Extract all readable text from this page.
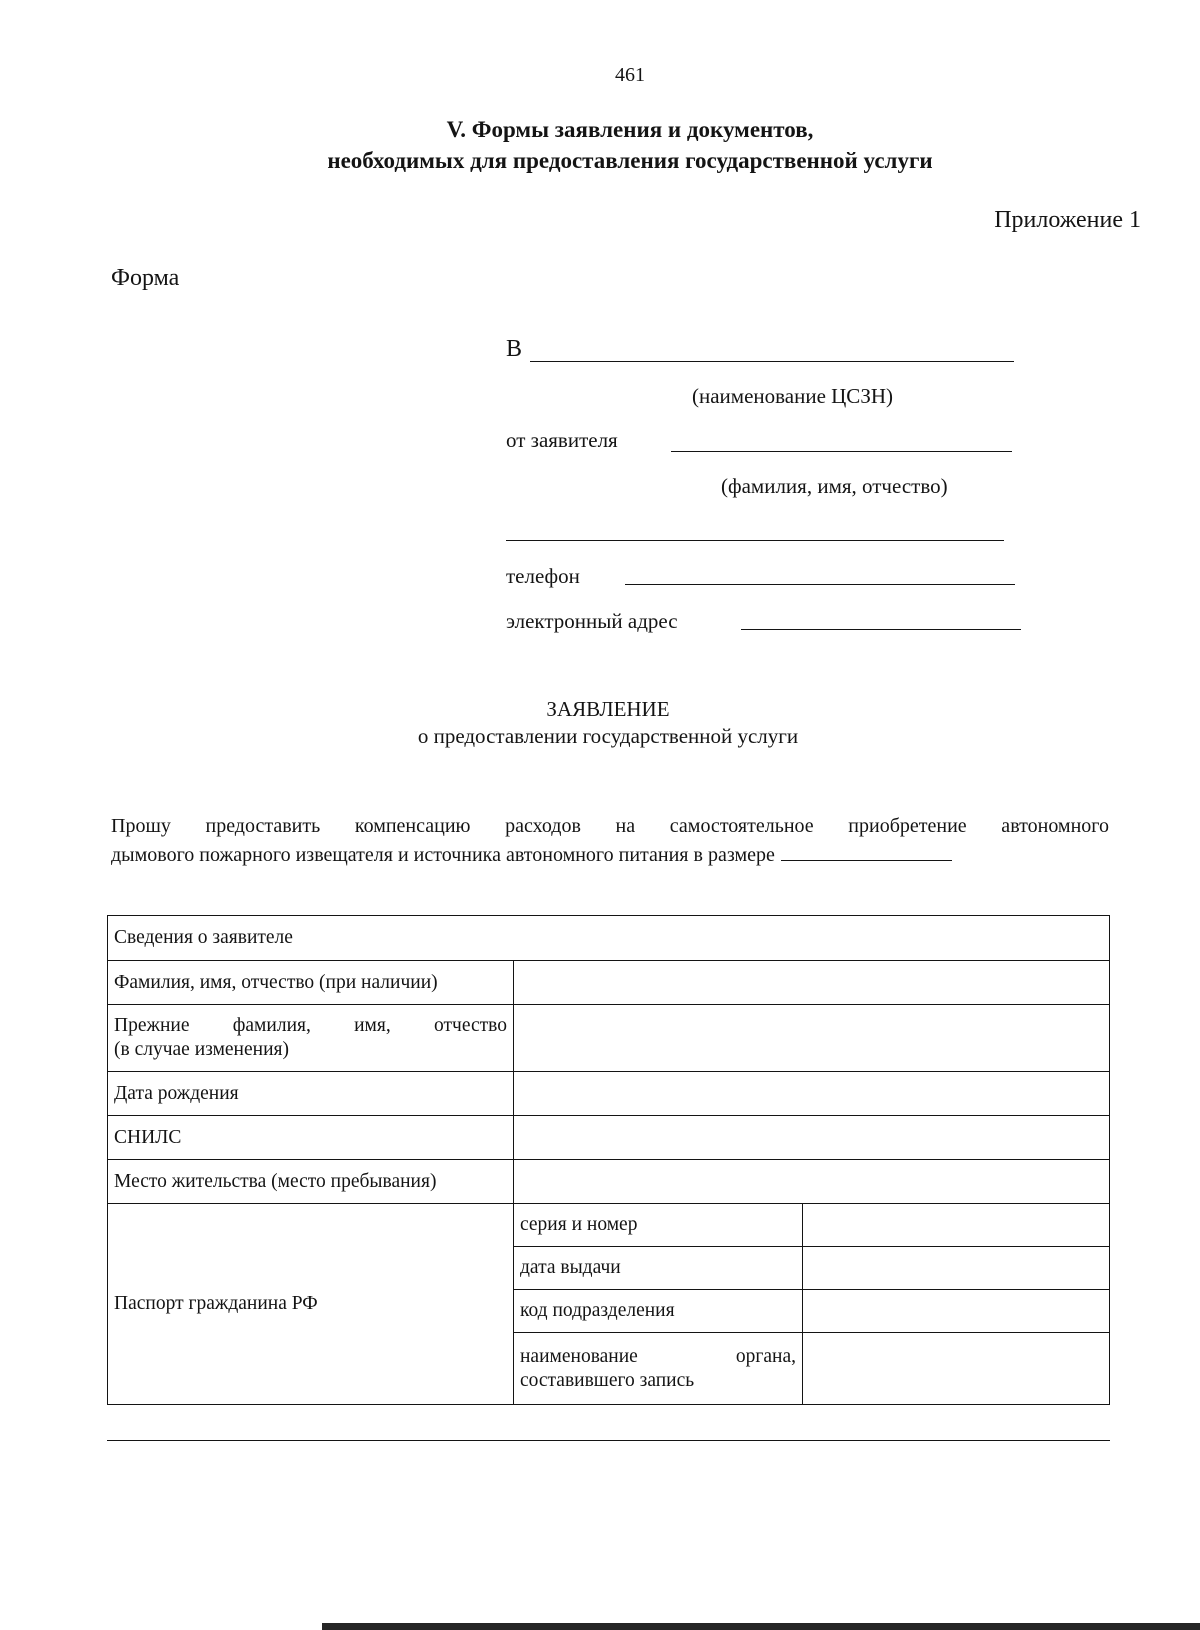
461
V. Формы заявления и документов,
необходимых для предоставления государственной услуги
Приложение 1
Форма
В
(наименование ЦСЗН)
от заявителя
(фамилия, имя, отчество)
телефон
электронный адрес
ЗАЯВЛЕНИЕ
о предоставлении государственной услуги
Прошу предоставить компенсацию расходов на самостоятельное приобретение автономного
дымового пожарного извещателя и источника автономного питания в размере
Сведения о заявителе		
Фамилия, имя, отчество (при наличии)		

Прежние фамилия, имя, отчество
(в случае изменения)		

Дата рождения		
СНИЛС		
Место жительства (место пребывания)		
Паспорт гражданина РФ	серия и номер	
	дата выдачи	
	код подразделения	

	наименование органа,
составившего запись	
